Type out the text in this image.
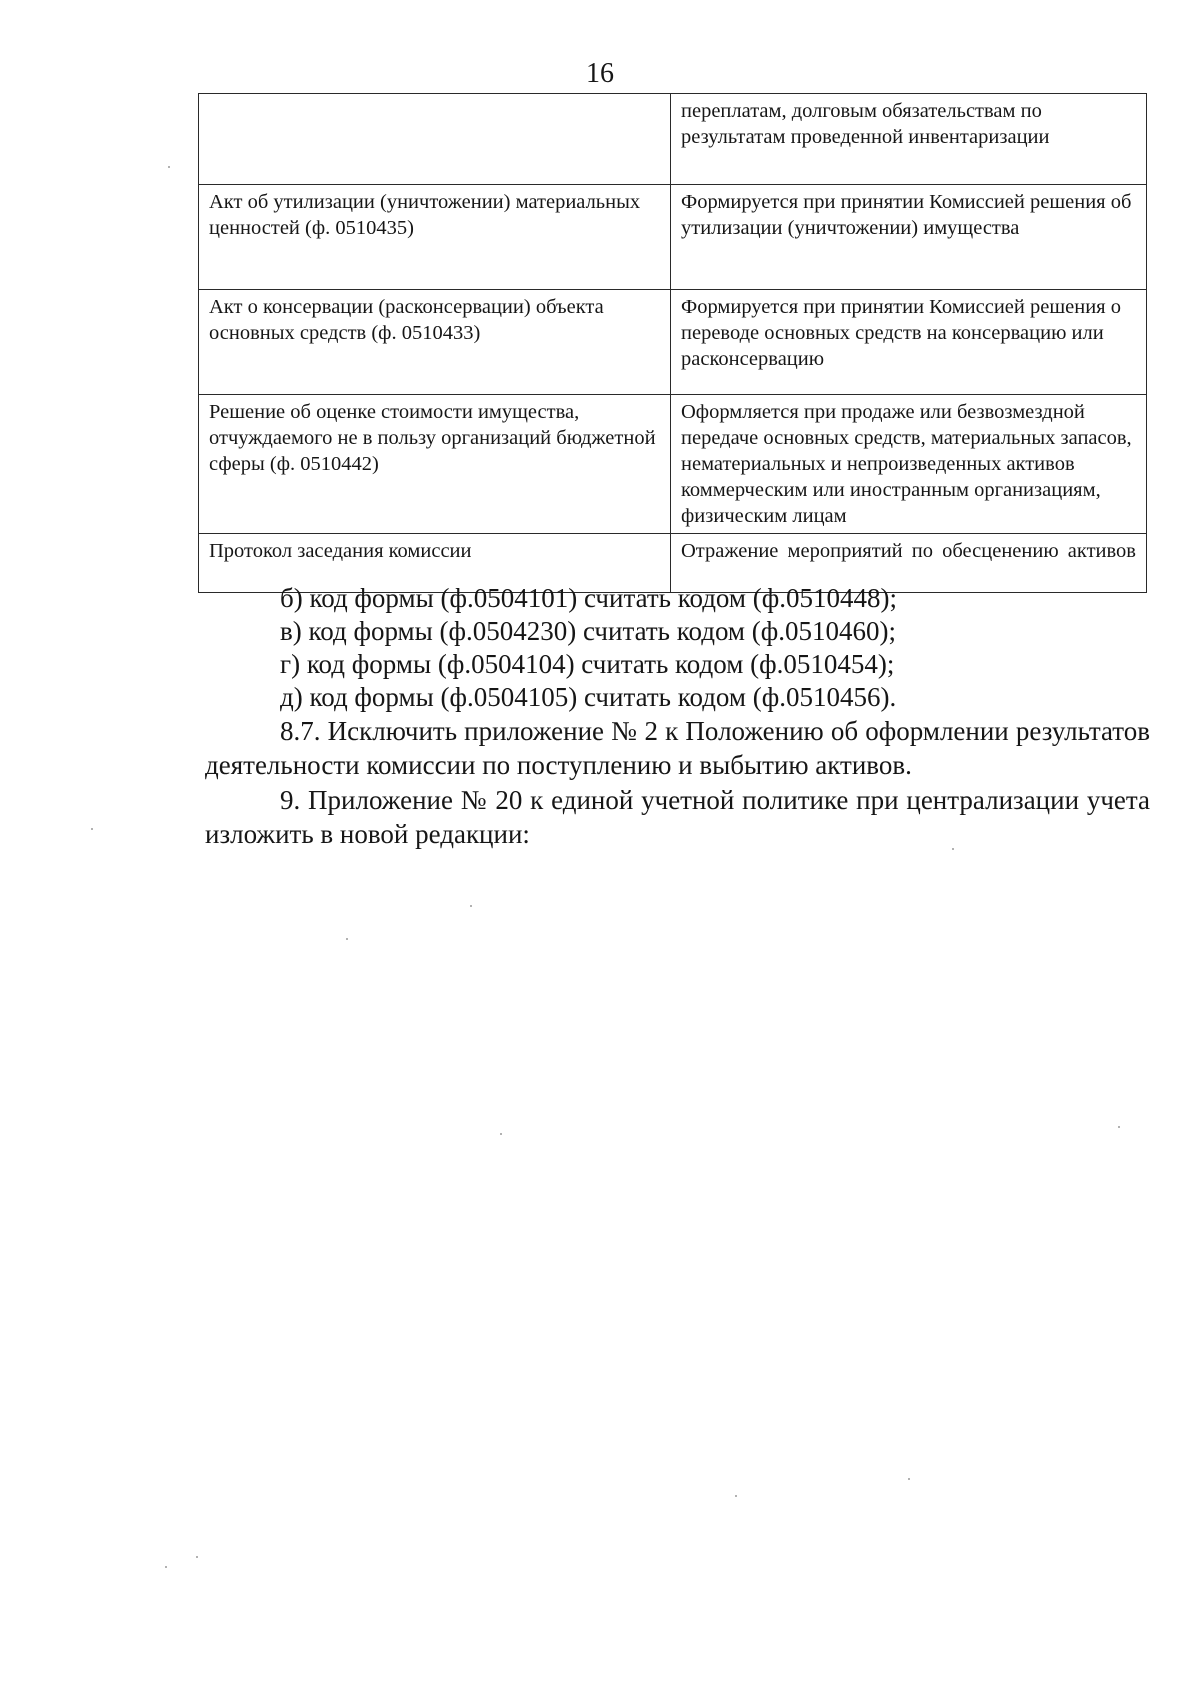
16
	переплатам, долговым обязательствам по результатам проведенной инвентаризации
Акт об утилизации (уничтожении) материальных ценностей (ф. 0510435)	Формируется при принятии Комиссией решения об утилизации (уничтожении) имущества
Акт о консервации (расконсервации) объекта основных средств (ф. 0510433)	Формируется при принятии Комиссией решения о переводе основных средств на консервацию или расконсервацию
Решение об оценке стоимости имущества, отчуждаемого не в пользу организаций бюджетной сферы (ф. 0510442)	Оформляется при продаже или безвозмездной передаче основных средств, материальных запасов, нематериальных и непроизведенных активов коммерческим или иностранным организациям, физическим лицам
Протокол заседания комиссии	Отражение мероприятий по обесценению активов
б) код формы (ф.0504101) считать кодом (ф.0510448);
в) код формы (ф.0504230) считать кодом (ф.0510460);
г) код формы (ф.0504104) считать кодом (ф.0510454);
д) код формы (ф.0504105) считать кодом (ф.0510456).
8.7. Исключить приложение № 2 к Положению об оформлении результатов деятельности комиссии по поступлению и выбытию активов.
9. Приложение № 20 к единой учетной политике при централизации учета изложить в новой редакции:
